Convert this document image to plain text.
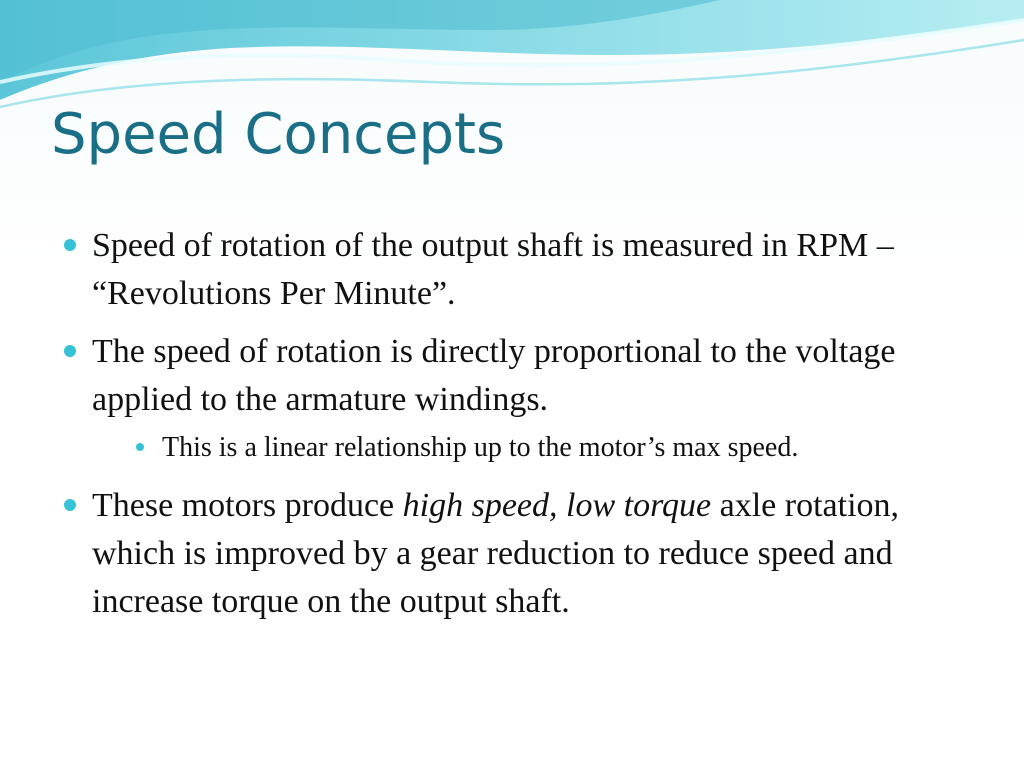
Speed Concepts
Speed of rotation of the output shaft is measured in RPM – “Revolutions Per Minute”.
The speed of rotation is directly proportional to the voltage applied to the armature windings.
This is a linear relationship up to the motor’s max speed.
These motors produce high speed, low torque axle rotation, which is improved by a gear reduction to reduce speed and increase torque on the output shaft.
